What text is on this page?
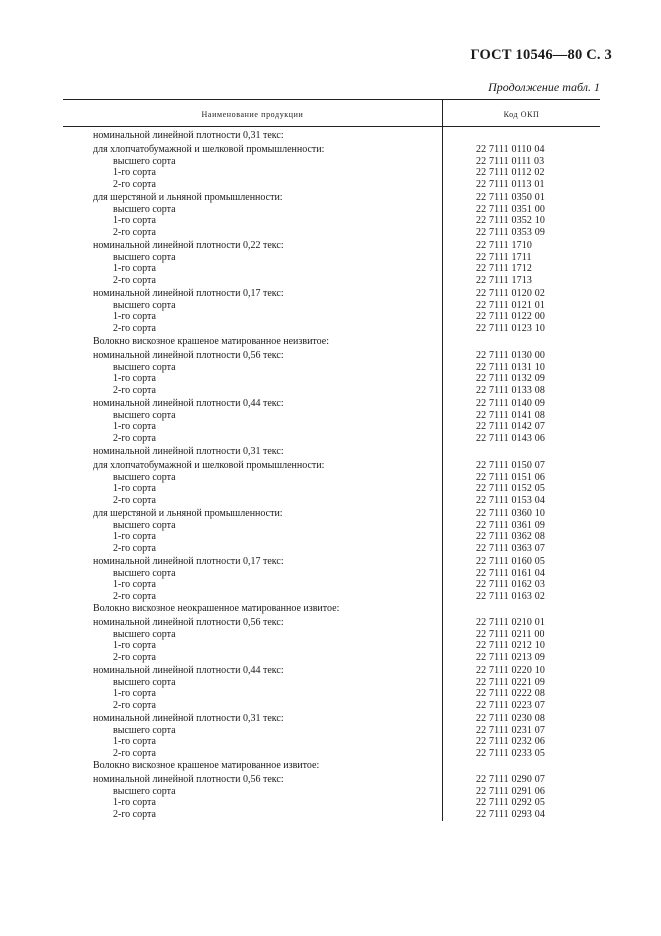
ГОСТ 10546—80 С. 3
Продолжение табл. 1
Наименование продукции	Код ОКП
номинальной линейной плотности 0,31 текс:
для хлопчатобумажной и шелковой промышленности:	22 7111 0110 04
высшего сорта	22 7111 0111 03
1-го сорта	22 7111 0112 02
2-го сорта	22 7111 0113 01
для шерстяной и льняной промышленности:	22 7111 0350 01
высшего сорта	22 7111 0351 00
1-го сорта	22 7111 0352 10
2-го сорта	22 7111 0353 09
номинальной линейной плотности 0,22 текс:	22 7111 1710
высшего сорта	22 7111 1711
1-го сорта	22 7111 1712
2-го сорта	22 7111 1713
номинальной линейной плотности 0,17 текс:	22 7111 0120 02
высшего сорта	22 7111 0121 01
1-го сорта	22 7111 0122 00
2-го сорта	22 7111 0123 10
Волокно вискозное крашеное матированное неизвитое:
номинальной линейной плотности 0,56 текс:	22 7111 0130 00
высшего сорта	22 7111 0131 10
1-го сорта	22 7111 0132 09
2-го сорта	22 7111 0133 08
номинальной линейной плотности 0,44 текс:	22 7111 0140 09
высшего сорта	22 7111 0141 08
1-го сорта	22 7111 0142 07
2-го сорта	22 7111 0143 06
номинальной линейной плотности 0,31 текс:
для хлопчатобумажной и шелковой промышленности:	22 7111 0150 07
высшего сорта	22 7111 0151 06
1-го сорта	22 7111 0152 05
2-го сорта	22 7111 0153 04
для шерстяной и льняной промышленности:	22 7111 0360 10
высшего сорта	22 7111 0361 09
1-го сорта	22 7111 0362 08
2-го сорта	22 7111 0363 07
номинальной линейной плотности 0,17 текс:	22 7111 0160 05
высшего сорта	22 7111 0161 04
1-го сорта	22 7111 0162 03
2-го сорта	22 7111 0163 02
Волокно вискозное неокрашенное матированное извитое:
номинальной линейной плотности 0,56 текс:	22 7111 0210 01
высшего сорта	22 7111 0211 00
1-го сорта	22 7111 0212 10
2-го сорта	22 7111 0213 09
номинальной линейной плотности 0,44 текс:	22 7111 0220 10
высшего сорта	22 7111 0221 09
1-го сорта	22 7111 0222 08
2-го сорта	22 7111 0223 07
номинальной линейной плотности 0,31 текс:	22 7111 0230 08
высшего сорта	22 7111 0231 07
1-го сорта	22 7111 0232 06
2-го сорта	22 7111 0233 05
Волокно вискозное крашеное матированное извитое:
номинальной линейной плотности 0,56 текс:	22 7111 0290 07
высшего сорта	22 7111 0291 06
1-го сорта	22 7111 0292 05
2-го сорта	22 7111 0293 04
